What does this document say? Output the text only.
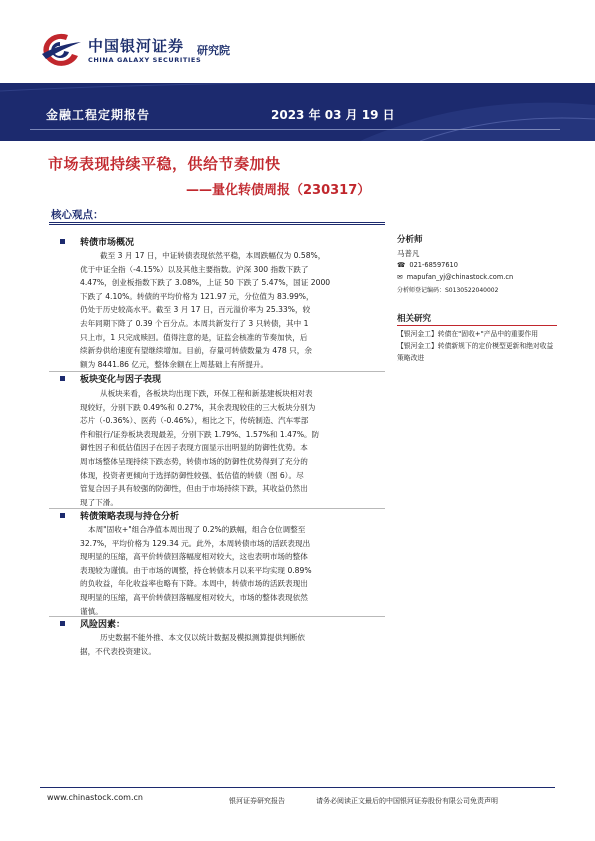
中国银河证券
CHINA GALAXY SECURITIES
研究院
金融工程定期报告	2023 年 03 月 19 日
市场表现持续平稳，供给节奏加快
——量化转债周报（230317）
核心观点：
转债市场概况
截至 3 月 17 日，中证转债表现依然平稳，本周跌幅仅为 0.58%，
优于中证全指（-4.15%）以及其他主要指数。沪深 300 指数下跌了
4.47%，创业板指数下跌了 3.08%，上证 50 下跌了 5.47%，国证 2000
下跌了 4.10%。转债的平均价格为 121.97 元，分位值为 83.99%，
仍处于历史较高水平。截至 3 月 17 日，百元溢价率为 25.33%，较
去年同期下降了 0.39 个百分点。本周共新发行了 3 只转债，其中 1
只上市，1 只完成赎回。值得注意的是，证监会核准的节奏加快，后
续新券供给速度有望继续增加。目前，存量可转债数量为 478 只，余
额为 8441.86 亿元，整体余额在上周基础上有所提升。
板块变化与因子表现
从板块来看，各板块均出现下跌，环保工程和新基建板块相对表
现较好，分别下跌 0.49%和 0.27%，其余表现较佳的三大板块分别为
芯片（-0.36%）、医药（-0.46%），相比之下，传统制造、汽车零部
件和银行/证券板块表现最差，分别下跌 1.79%、1.57%和 1.47%。防
御性因子和低估值因子在因子表现方面显示出明显的防御性优势。本
周市场整体呈现持续下跌态势，转债市场的防御性优势得到了充分的
体现，投资者更倾向于选择防御性较强、低估值的转债（图 6）。尽
管复合因子具有较强的防御性，但由于市场持续下跌，其收益仍然出
现了下滑。
转债策略表现与持仓分析
本周"固收+"组合净值本周出现了 0.2%的跌幅，组合仓位调整至
32.7%，平均价格为 129.34 元。此外，本周转债市场的活跃表现出
现明显的压缩，高平价转债回落幅度相对较大，这也表明市场的整体
表现较为谨慎。由于市场的调整，持仓转债本月以来平均实现 0.89%
的负收益，年化收益率也略有下降。本周中，转债市场的活跃表现出
现明显的压缩，高平价转债回落幅度相对较大，市场的整体表现依然
谨慎。
风险因素：
历史数据不能外推、本文仅以统计数据及模拟测算提供判断依
据，不代表投资建议。
分析师
马普凡
☎ 021-68597610
✉ mapufan_yj@chinastock.com.cn
分析师登记编码：S0130522040002
相关研究
【银河金工】转债在"固收+"产品中的重要作用
【银河金工】转债新规下的定价模型更新和绝对收益策略改进
www.chinastock.com.cn	银河证券研究报告	请务必阅读正文最后的中国银河证券股份有限公司免责声明
